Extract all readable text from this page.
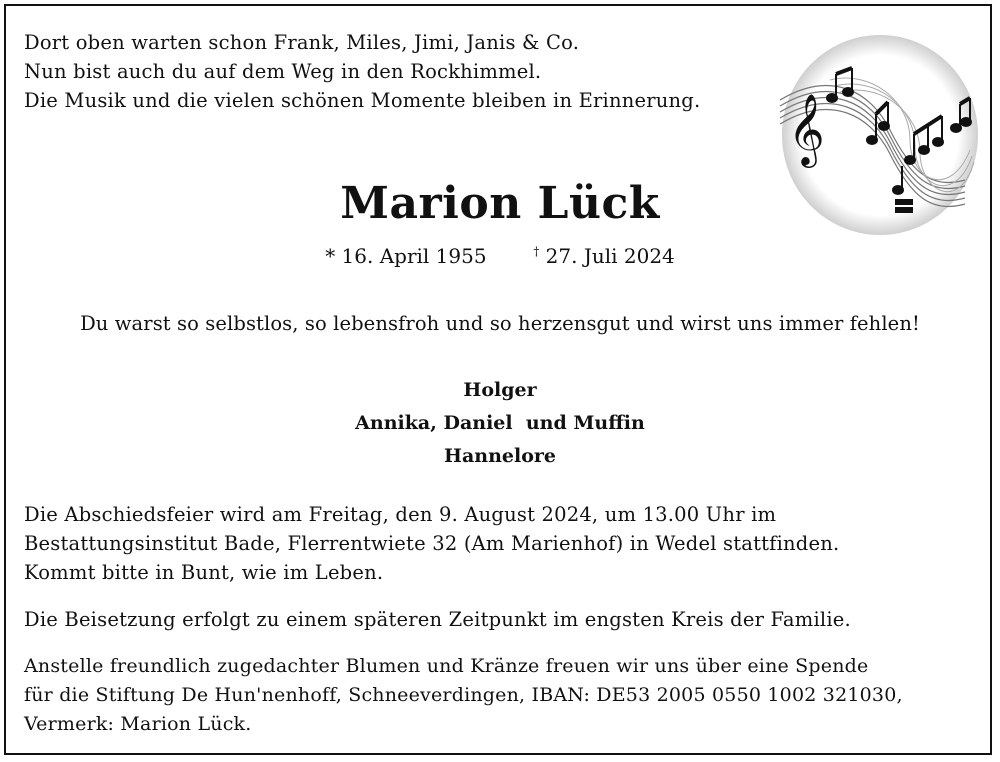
Dort oben warten schon Frank, Miles, Jimi, Janis & Co.
Nun bist auch du auf dem Weg in den Rockhimmel.
Die Musik und die vielen schönen Momente bleiben in Erinnerung. 𝄞
Marion Lück
* 16. April 1955	† 27. Juli 2024
Du warst so selbstlos, so lebensfroh und so herzensgut und wirst uns immer fehlen!
Holger
Annika, Daniel  und Muffin
Hannelore
Die Abschiedsfeier wird am Freitag, den 9. August 2024, um 13.00 Uhr im
Bestattungsinstitut Bade, Flerrentwiete 32 (Am Marienhof) in Wedel stattfinden.
Kommt bitte in Bunt, wie im Leben.
Die Beisetzung erfolgt zu einem späteren Zeitpunkt im engsten Kreis der Familie.
Anstelle freundlich zugedachter Blumen und Kränze freuen wir uns über eine Spende
für die Stiftung De Hun'nenhoff, Schneeverdingen, IBAN: DE53 2005 0550 1002 321030,
Vermerk: Marion Lück.
